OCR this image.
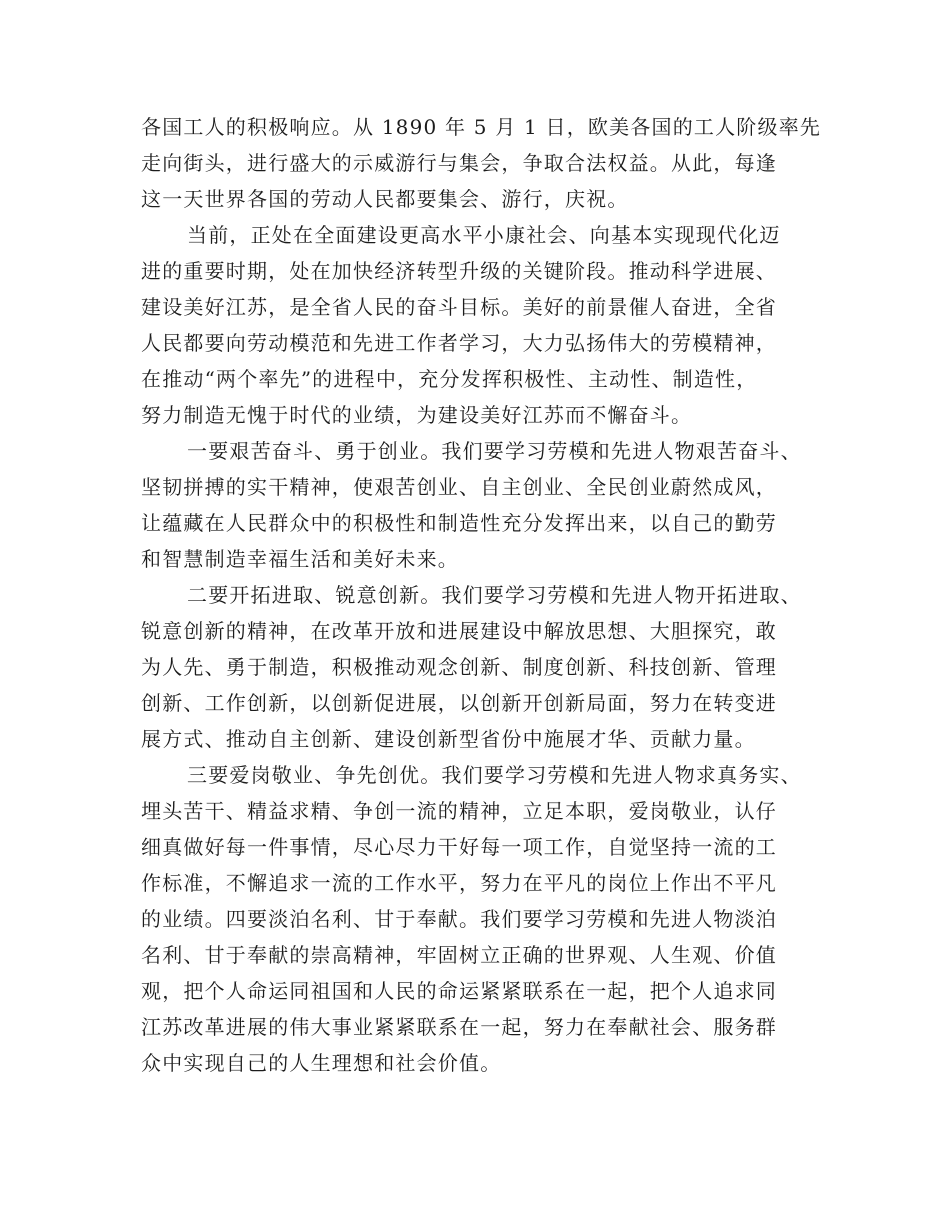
各国工人的积极响应。从 1890 年 5 月 1 日，欧美各国的工人阶级率先
走向街头，进行盛大的示威游行与集会，争取合法权益。从此，每逢
这一天世界各国的劳动人民都要集会、游行，庆祝。
当前，正处在全面建设更高水平小康社会、向基本实现现代化迈
进的重要时期，处在加快经济转型升级的关键阶段。推动科学进展、
建设美好江苏，是全省人民的奋斗目标。美好的前景催人奋进，全省
人民都要向劳动模范和先进工作者学习，大力弘扬伟大的劳模精神，
在推动“两个率先”的进程中，充分发挥积极性、主动性、制造性，
努力制造无愧于时代的业绩，为建设美好江苏而不懈奋斗。
一要艰苦奋斗、勇于创业。我们要学习劳模和先进人物艰苦奋斗、
坚韧拼搏的实干精神，使艰苦创业、自主创业、全民创业蔚然成风，
让蕴藏在人民群众中的积极性和制造性充分发挥出来，以自己的勤劳
和智慧制造幸福生活和美好未来。
二要开拓进取、锐意创新。我们要学习劳模和先进人物开拓进取、
锐意创新的精神，在改革开放和进展建设中解放思想、大胆探究，敢
为人先、勇于制造，积极推动观念创新、制度创新、科技创新、管理
创新、工作创新，以创新促进展，以创新开创新局面，努力在转变进
展方式、推动自主创新、建设创新型省份中施展才华、贡献力量。
三要爱岗敬业、争先创优。我们要学习劳模和先进人物求真务实、
埋头苦干、精益求精、争创一流的精神，立足本职，爱岗敬业，认仔
细真做好每一件事情，尽心尽力干好每一项工作，自觉坚持一流的工
作标准，不懈追求一流的工作水平，努力在平凡的岗位上作出不平凡
的业绩。四要淡泊名利、甘于奉献。我们要学习劳模和先进人物淡泊
名利、甘于奉献的崇高精神，牢固树立正确的世界观、人生观、价值
观，把个人命运同祖国和人民的命运紧紧联系在一起，把个人追求同
江苏改革进展的伟大事业紧紧联系在一起，努力在奉献社会、服务群
众中实现自己的人生理想和社会价值。
